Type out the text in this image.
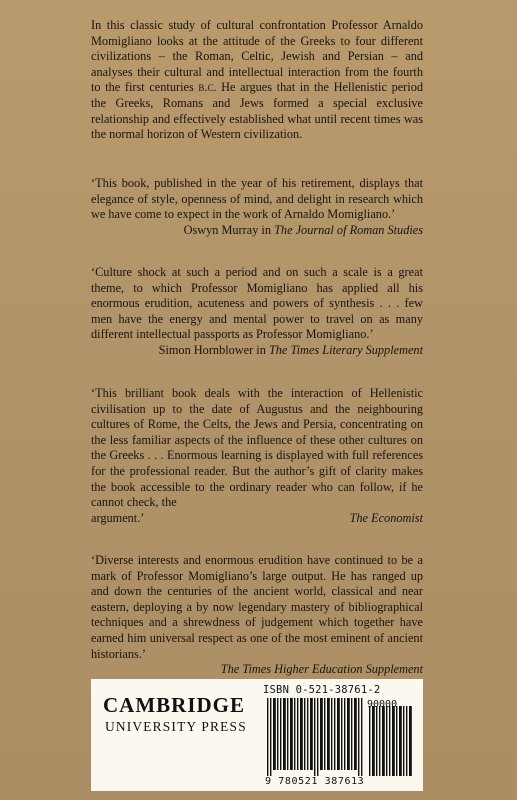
In this classic study of cultural confrontation Professor Arnaldo Momigliano looks at the attitude of the Greeks to four different civilizations – the Roman, Celtic, Jewish and Persian – and analyses their cultural and intellectual interaction from the fourth to the first centuries b.c. He argues that in the Hellenistic period the Greeks, Romans and Jews formed a special exclusive relationship and effectively established what until recent times was the normal horizon of Western civilization.

‘This book, published in the year of his retirement, displays that elegance of style, openness of mind, and delight in research which we have come to expect in the work of Arnaldo Momigliano.’

Oswyn Murray in The Journal of Roman Studies

‘Culture shock at such a period and on such a scale is a great theme, to which Professor Momigliano has applied all his enormous erudition, acuteness and powers of synthesis . . . few men have the energy and mental power to travel on as many different intellectual passports as Professor Momigliano.’

Simon Hornblower in The Times Literary Supplement

‘This brilliant book deals with the interaction of Hellenistic civilisation up to the date of Augustus and the neighbouring cultures of Rome, the Celts, the Jews and Persia, concentrating on the less familiar aspects of the influence of these other cultures on the Greeks . . . Enormous learning is displayed with full references for the professional reader. But the author’s gift of clarity makes the book accessible to the ordinary reader who can follow, if he cannot check, the

argument.’	The Economist

‘Diverse interests and enormous erudition have continued to be a mark of Professor Momigliano’s large output. He has ranged up and down the centuries of the ancient world, classical and near eastern, deploying a by now legendary mastery of bibliographical techniques and a shrewdness of judgement which together have earned him universal respect as one of the most eminent of ancient historians.’

The Times Higher Education Supplement

CAMBRIDGE
UNIVERSITY PRESS
ISBN 0-521-38761-2
90000
9 780521 387613
